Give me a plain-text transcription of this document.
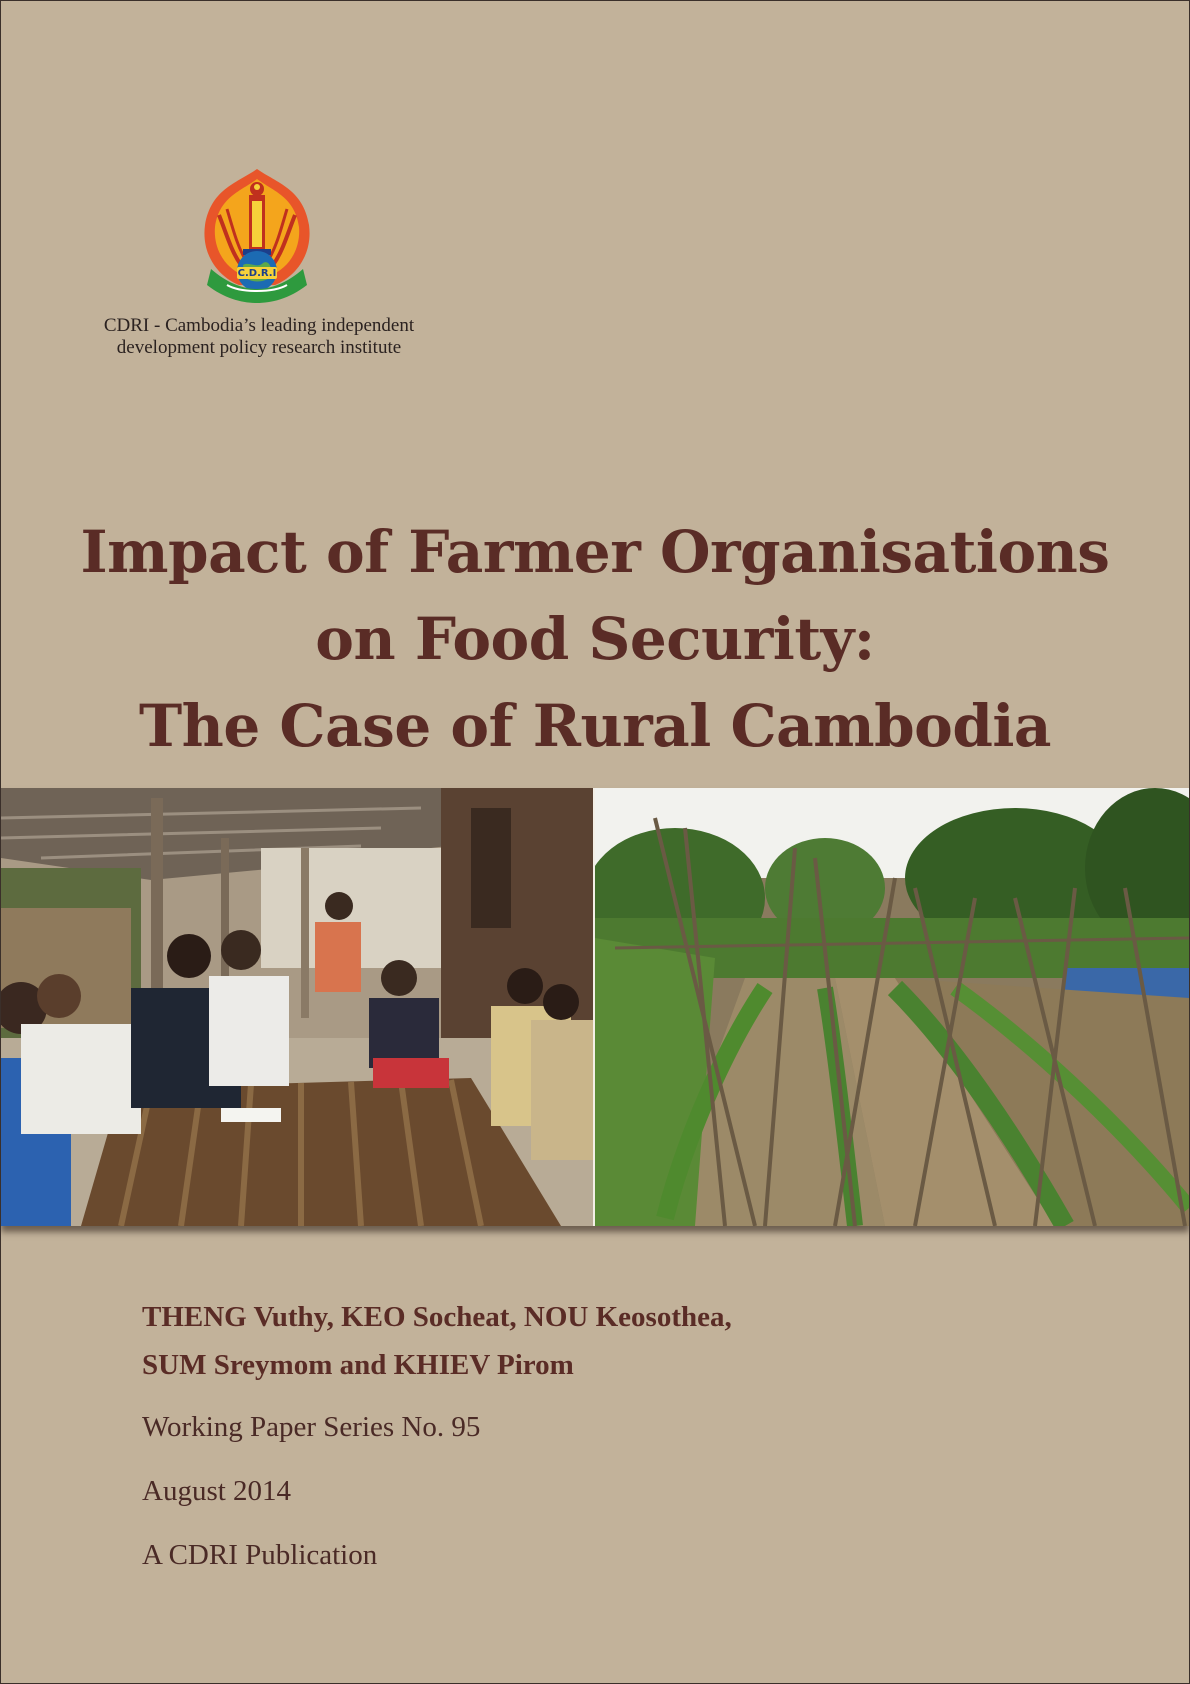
C.D.R.I
CDRI - Cambodia’s leading independent
development policy research institute
Impact of Farmer Organisations
on Food Security:
The Case of Rural Cambodia
THENG Vuthy, KEO Socheat, NOU Keosothea,
SUM Sreymom and KHIEV Pirom
Working Paper Series No. 95
August 2014
A CDRI Publication
